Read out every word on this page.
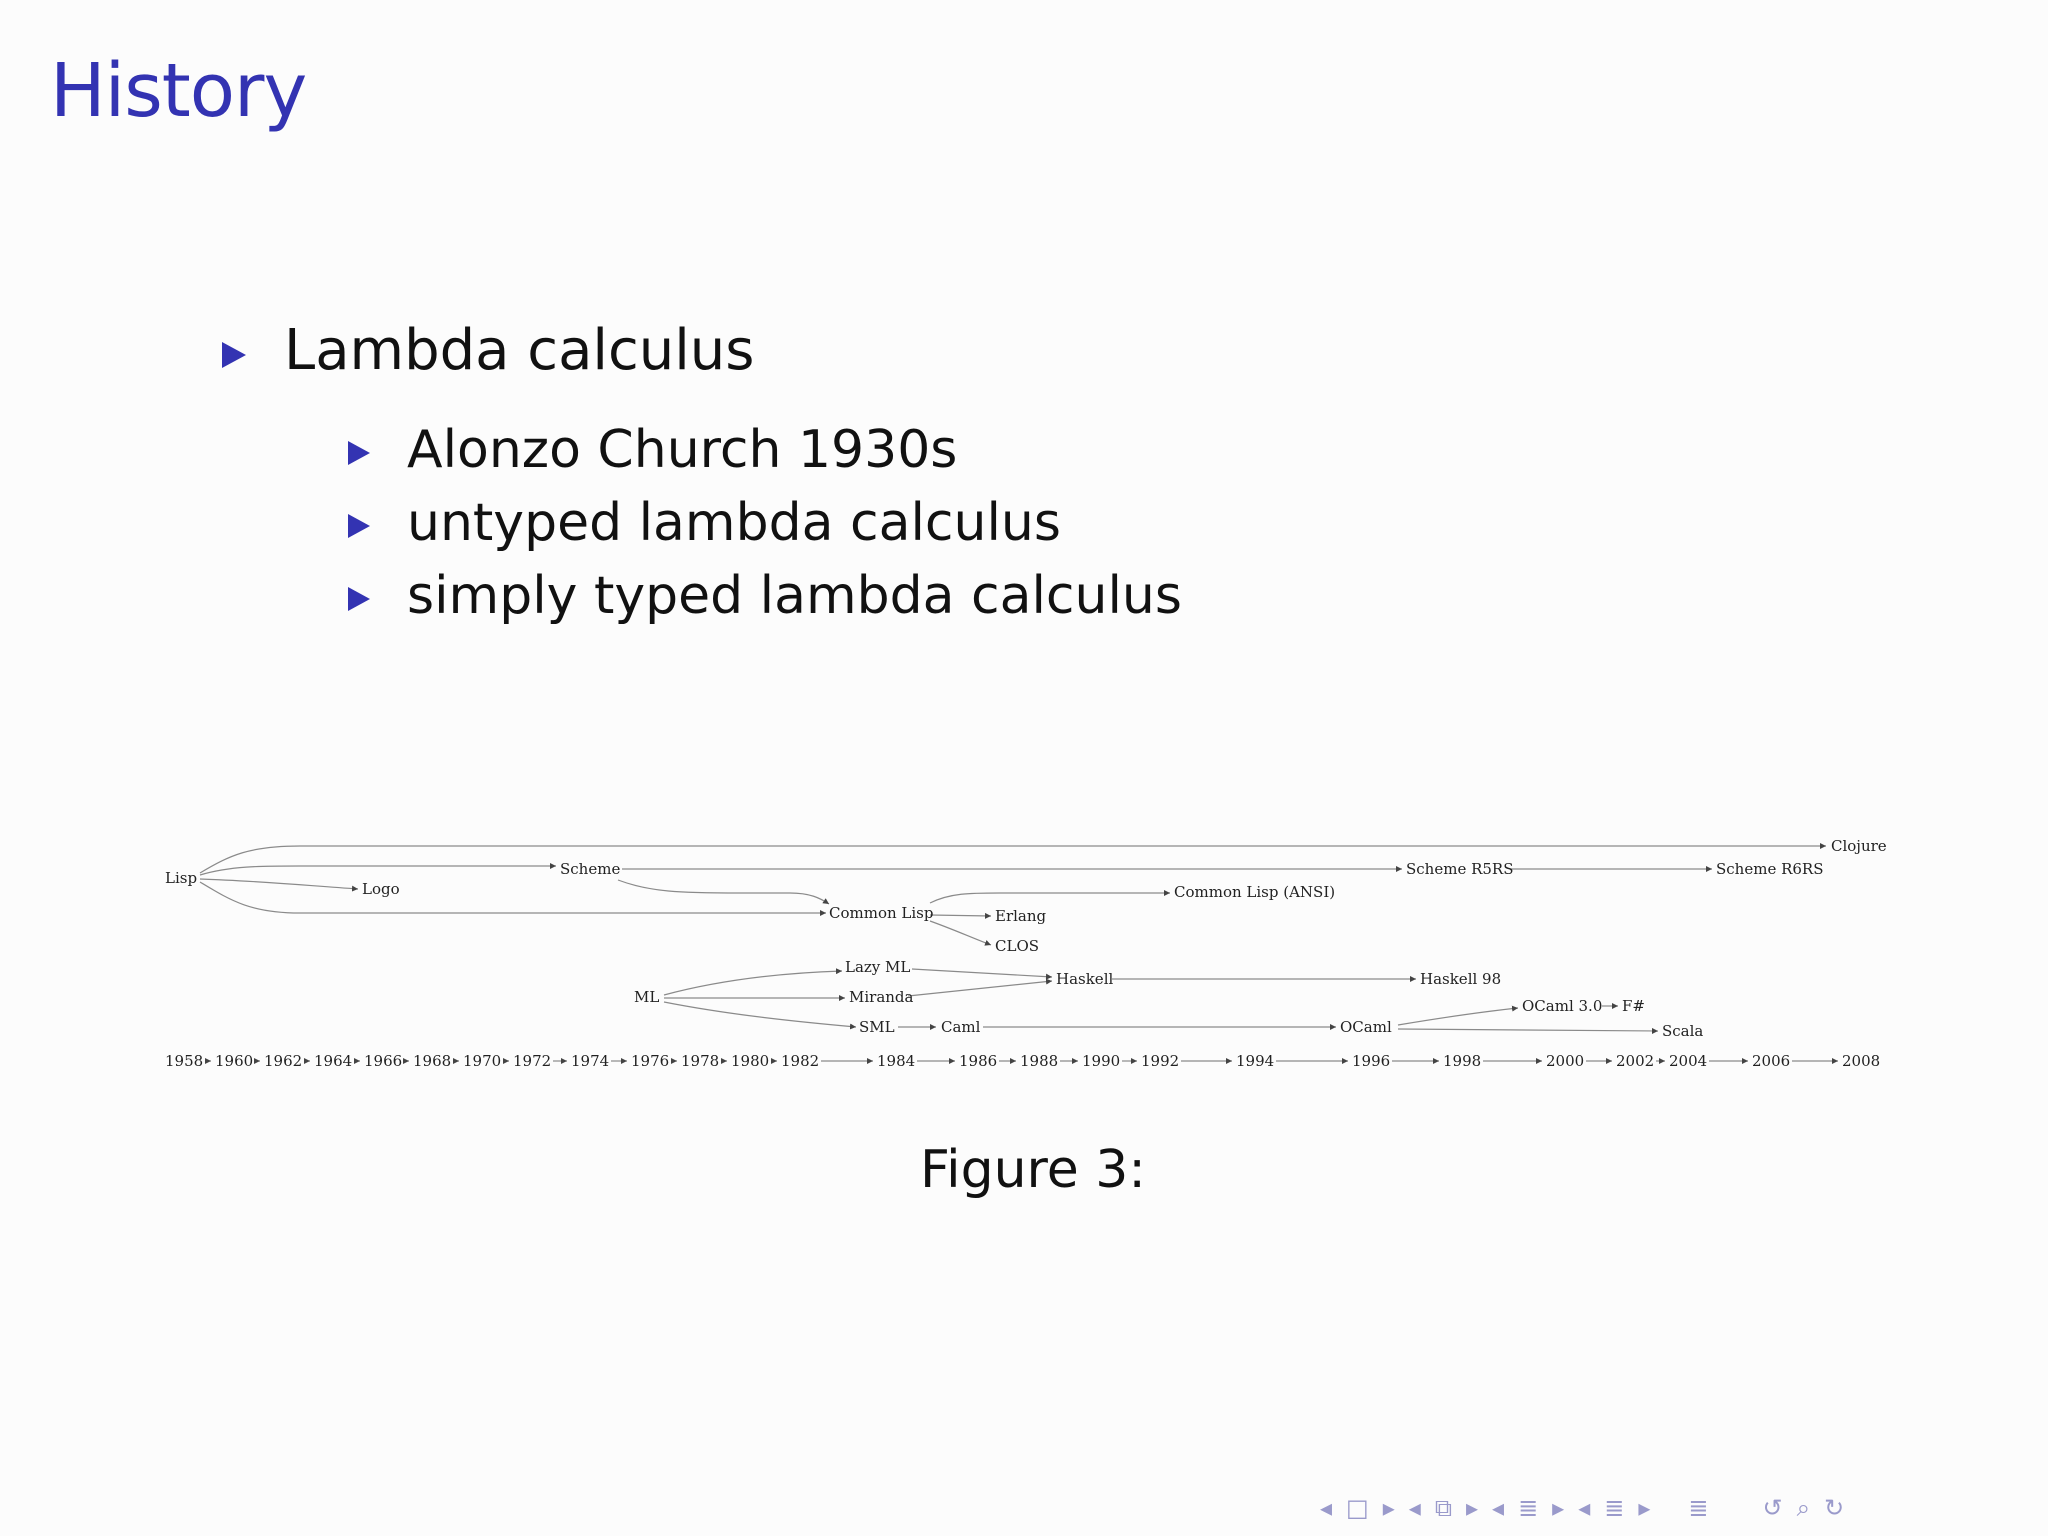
History
Lambda calculus
Alonzo Church 1930s
untyped lambda calculus
simply typed lambda calculus
Lisp	Scheme
Logo
Clojure
Scheme R5RS	Scheme R6RS
Common Lisp
Common Lisp (ANSI)
Erlang
CLOS
Lazy ML
Haskell	Haskell 98
ML	Miranda
SML	Caml	OCaml
OCaml 3.0 F#
Scala
1958 1960 1962 1964 1966 1968 1970 1972 1974 1976 1978 1980 1982	1984	1986 1988 1990 1992	1994	1996	1998	2000 2002 2004	2006	2008
Figure 3:
◂ □ ▸ ◂ ⧉ ▸ ◂ ≣ ▸ ◂ ≣ ▸ ≣ ↺ ⌕ ↻
